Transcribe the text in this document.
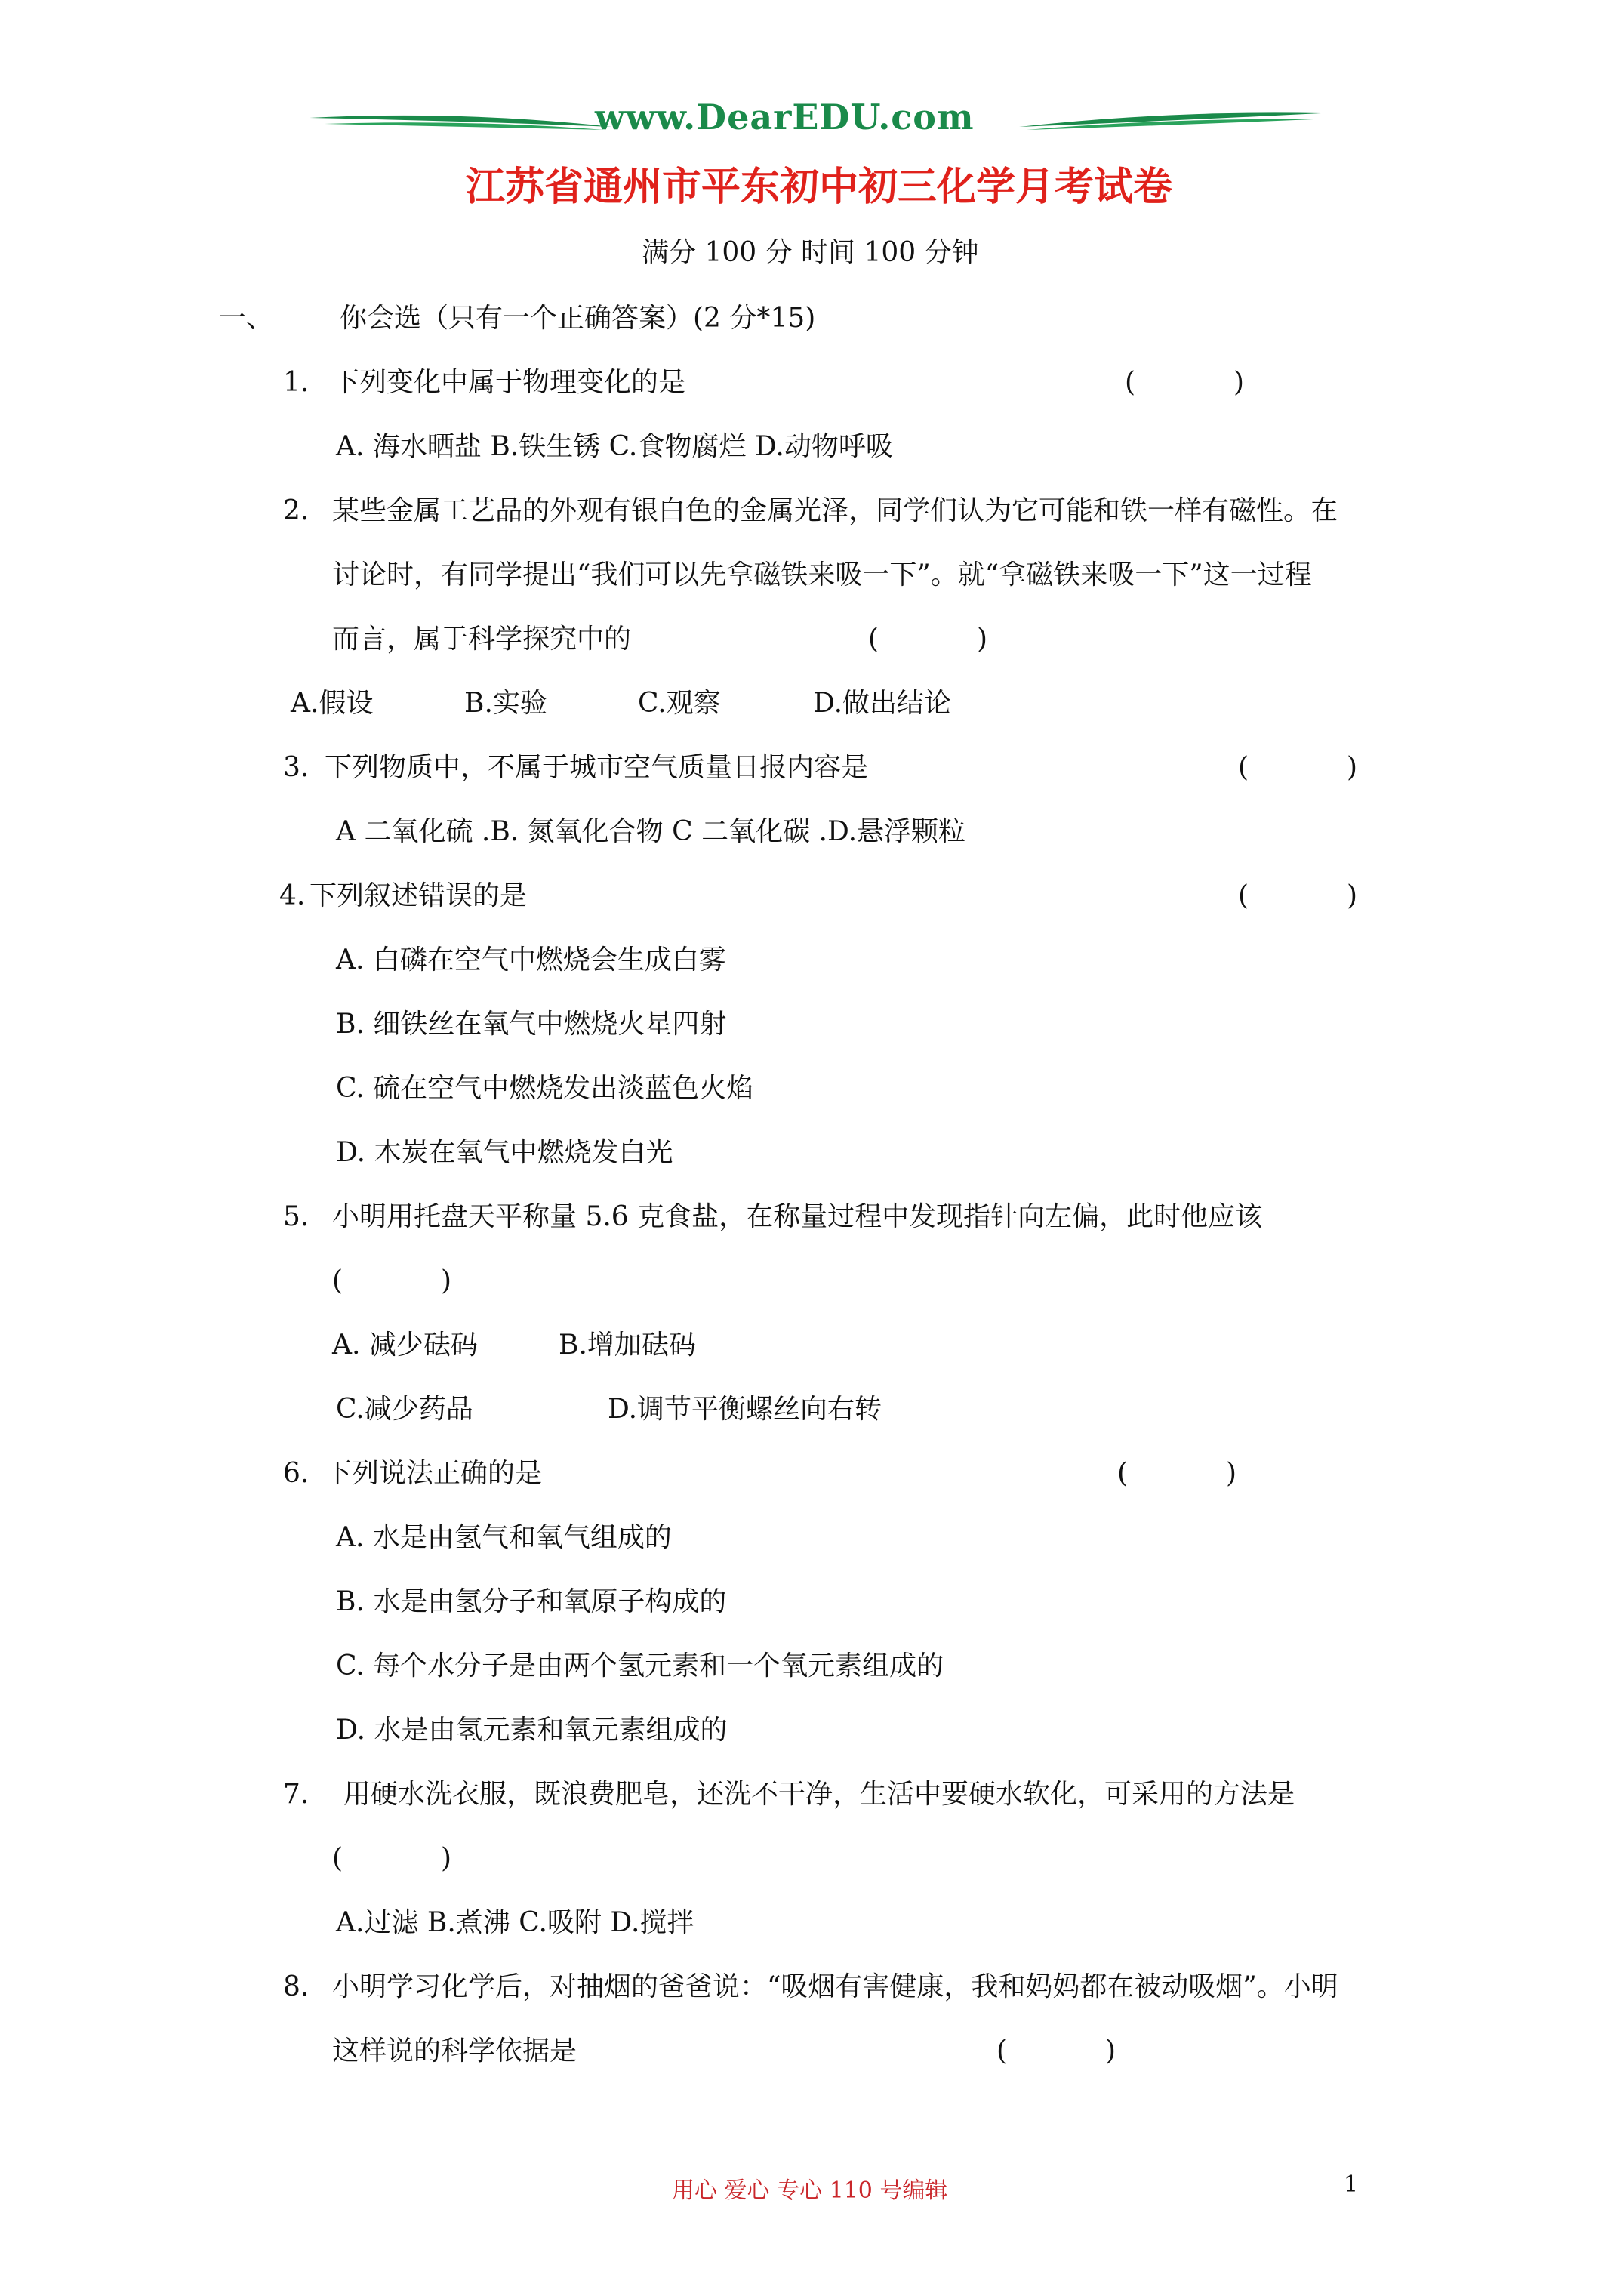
www.DearEDU.com
江苏省通州市平东初中初三化学月考试卷
满分 100 分 时间 100 分钟
一、 你会选（只有一个正确答案）(2 分*15)
1. 下列变化中属于物理变化的是	(	)
A. 海水晒盐 B.铁生锈 C.食物腐烂 D.动物呼吸
2. 某些金属工艺品的外观有银白色的金属光泽，同学们认为它可能和铁一样有磁性。在
讨论时，有同学提出“我们可以先拿磁铁来吸一下”。就“拿磁铁来吸一下”这一过程
而言，属于科学探究中的	(	)
A.假设	B.实验	C.观察	D.做出结论
3. 下列物质中，不属于城市空气质量日报内容是	(	)
A 二氧化硫 .B. 氮氧化合物 C 二氧化碳 .D.悬浮颗粒
4. 下列叙述错误的是	(	)
A. 白磷在空气中燃烧会生成白雾
B. 细铁丝在氧气中燃烧火星四射
C. 硫在空气中燃烧发出淡蓝色火焰
D. 木炭在氧气中燃烧发白光
5. 小明用托盘天平称量 5.6 克食盐，在称量过程中发现指针向左偏，此时他应该
(	)
A. 减少砝码	B.增加砝码
C.减少药品	D.调节平衡螺丝向右转
6. 下列说法正确的是	(	)
A. 水是由氢气和氧气组成的
B. 水是由氢分子和氧原子构成的
C. 每个水分子是由两个氢元素和一个氧元素组成的
D. 水是由氢元素和氧元素组成的
7. 用硬水洗衣服，既浪费肥皂，还洗不干净，生活中要硬水软化，可采用的方法是
(	)
A.过滤 B.煮沸 C.吸附 D.搅拌
8. 小明学习化学后，对抽烟的爸爸说：“吸烟有害健康，我和妈妈都在被动吸烟”。小明
这样说的科学依据是	(	)
用心 爱心 专心 110 号编辑	1
